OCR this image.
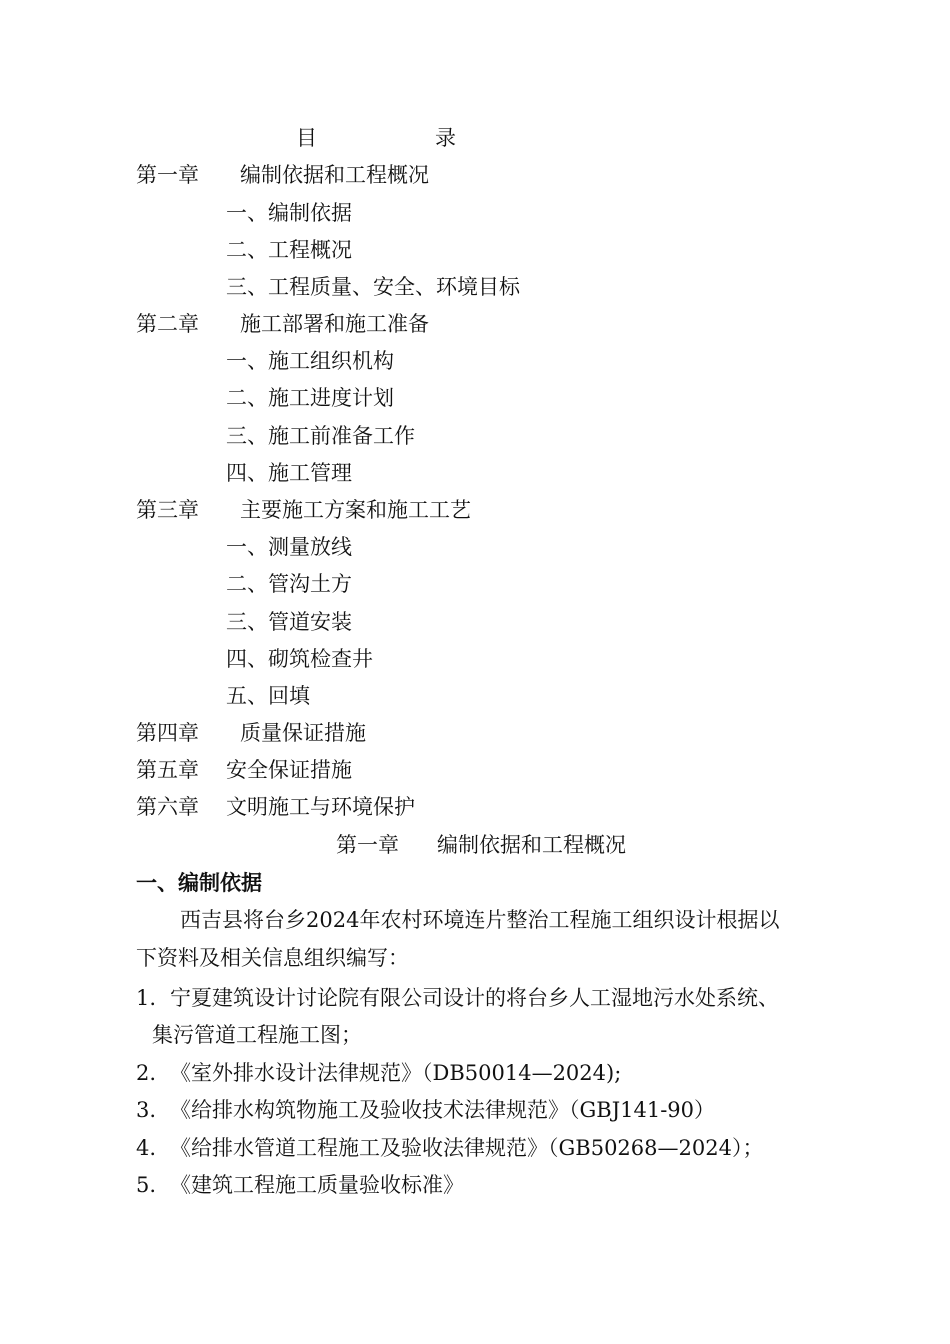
目	录
第一章 编制依据和工程概况
一、编制依据
二、工程概况
三、工程质量、安全、环境目标
第二章 施工部署和施工准备
一、施工组织机构
二、施工进度计划
三、施工前准备工作
四、施工管理
第三章 主要施工方案和施工工艺
一、测量放线
二、管沟土方
三、管道安装
四、砌筑检查井
五、回填
第四章 质量保证措施
第五章 安全保证措施
第六章 文明施工与环境保护
第一章 编制依据和工程概况
一、编制依据
西吉县将台乡2024年农村环境连片整治工程施工组织设计根据以
下资料及相关信息组织编写：
1. 宁夏建筑设计讨论院有限公司设计的将台乡人工湿地污水处系统、
集污管道工程施工图；
2. 《室外排水设计法律规范》（DB50014—2024);
3. 《给排水构筑物施工及验收技术法律规范》（GBJ141-90）
4. 《给排水管道工程施工及验收法律规范》（GB50268—2024）；
5. 《建筑工程施工质量验收标准》
